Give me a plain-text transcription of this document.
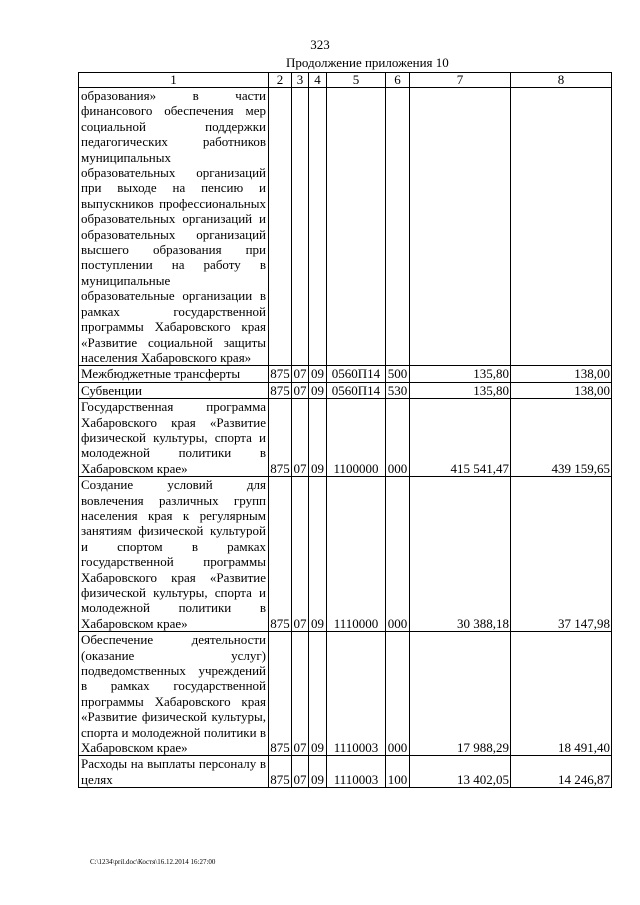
323
Продолжение приложения 10
1	2	3	4	5	6	7	8
образования» в части финансового обеспечения мер социальной поддержки педагогических работников муниципальных образовательных организаций при выходе на пенсию и выпускников профессиональных образовательных организаций и образовательных организаций высшего образования при поступлении на работу в муниципальные образовательные организации в рамках государственной программы Хабаровского края «Развитие социальной защиты населения Хабаровского края»							
Межбюджетные трансферты	875	07	09	0560П14	500	135,80	138,00
Субвенции	875	07	09	0560П14	530	135,80	138,00
Государственная программа Хабаровского края «Развитие физической культуры, спорта и молодежной политики в Хабаровском крае»	875	07	09	1100000	000	415 541,47	439 159,65
Создание условий для вовлечения различных групп населения края к регулярным занятиям физической культурой и спортом в рамках государственной программы Хабаровского края «Развитие физической культуры, спорта и молодежной политики в Хабаровском крае»	875	07	09	1110000	000	30 388,18	37 147,98
Обеспечение деятельности (оказание услуг) подведомственных учреждений в рамках государственной программы Хабаровского края «Развитие физической культуры, спорта и молодежной политики в Хабаровском крае»	875	07	09	1110003	000	17 988,29	18 491,40
Расходы на выплаты персоналу в целях	875	07	09	1110003	100	13 402,05	14 246,87
C:\1234\pril.doc\Костя\16.12.2014 16:27:00
